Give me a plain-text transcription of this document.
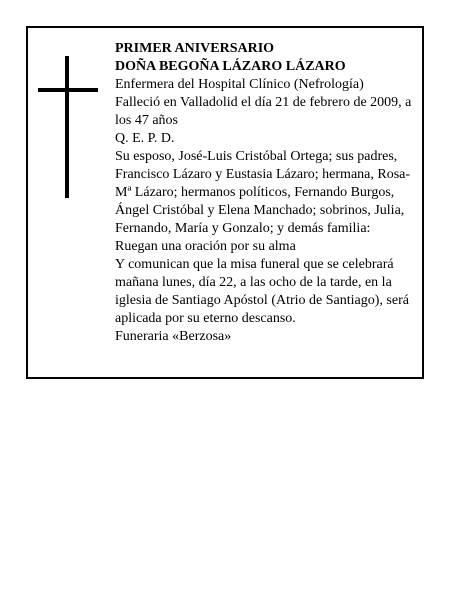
PRIMER ANIVERSARIO

DOÑA BEGOÑA LÁZARO LÁZARO

Enfermera del Hospital Clínico (Nefrología)

Falleció en Valladolid el día 21 de febrero de 2009, a los 47 años

Q. E. P. D.

Su esposo, José-Luis Cristóbal Ortega; sus padres, Francisco Lázaro y Eustasia Lázaro; hermana, Rosa-Mª Lázaro; hermanos políticos, Fernando Burgos, Ángel Cristóbal y Elena Manchado; sobrinos, Julia, Fernando, María y Gonzalo; y demás familia:

Ruegan una oración por su alma

Y comunican que la misa funeral que se celebrará mañana lunes, día 22, a las ocho de la tarde, en la iglesia de Santiago Apóstol (Atrio de Santiago), será aplicada por su eterno descanso.

Funeraria «Berzosa»
